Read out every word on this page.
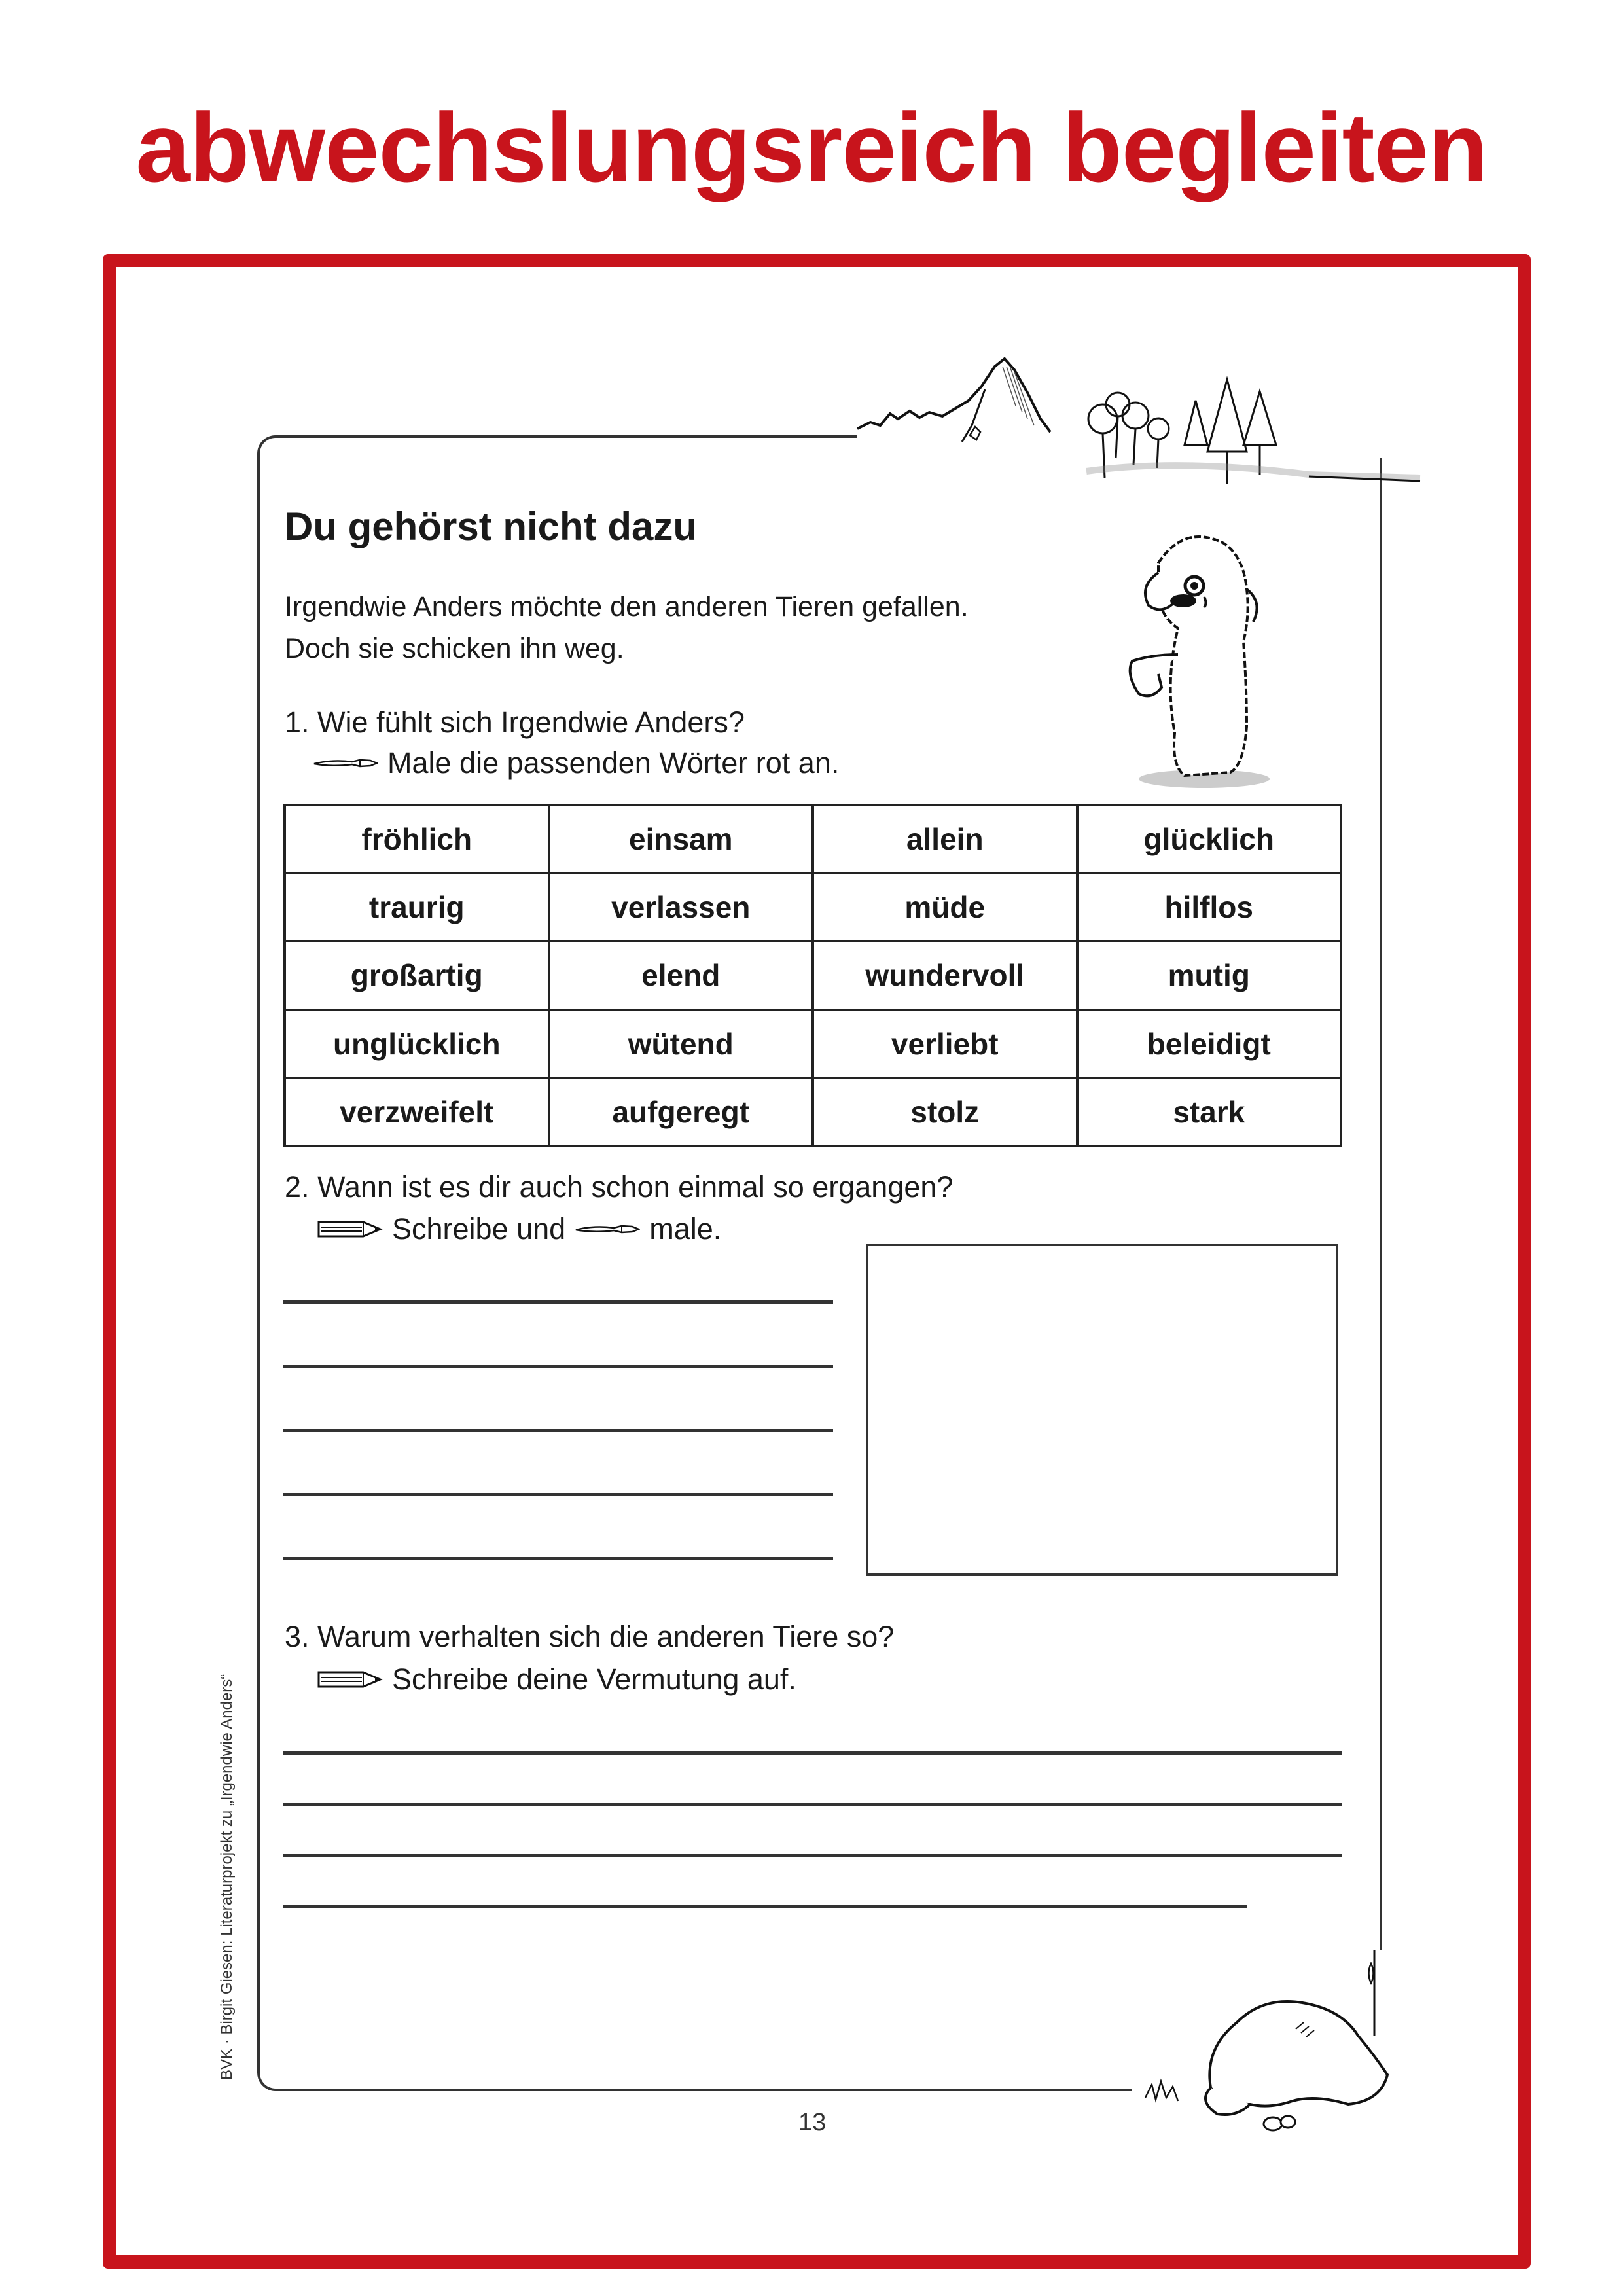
abwechslungsreich begleiten
Du gehörst nicht dazu
Irgendwie Anders möchte den anderen Tieren gefallen.
Doch sie schicken ihn weg.
1. Wie fühlt sich Irgendwie Anders?
Male die passenden Wörter rot an.
fröhlich	einsam	allein	glücklich
traurig	verlassen	müde	hilflos
großartig	elend	wundervoll	mutig
unglücklich	wütend	verliebt	beleidigt
verzweifelt	aufgeregt	stolz	stark
2. Wann ist es dir auch schon einmal so ergangen?
Schreibe und	male.
3. Warum verhalten sich die anderen Tiere so?
Schreibe deine Vermutung auf.
BVK · Birgit Giesen: Literaturprojekt zu „Irgendwie Anders“
13
